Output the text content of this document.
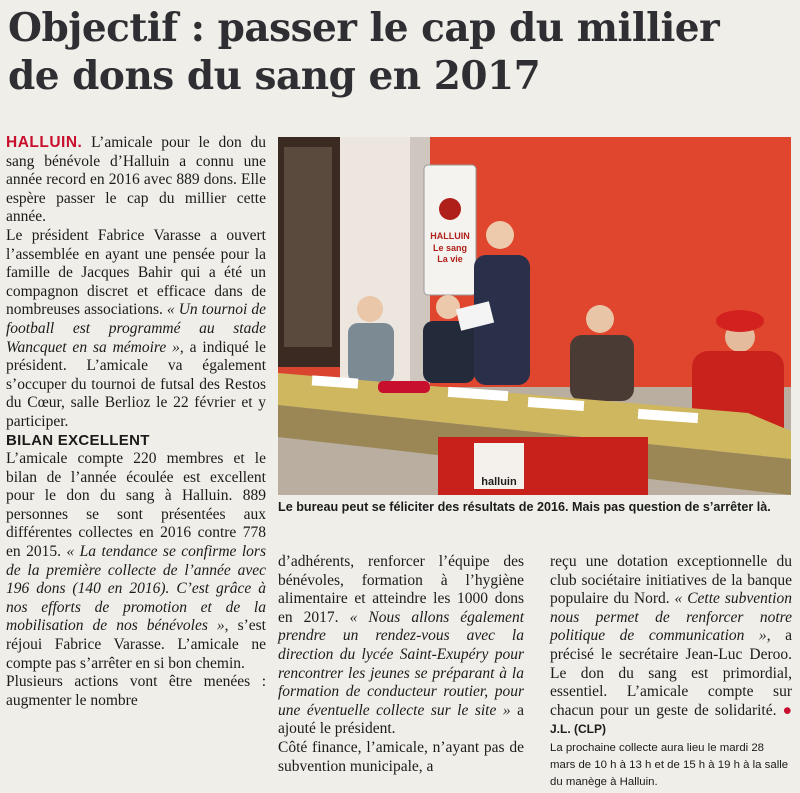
Objectif : passer le cap du millier
de dons du sang en 2017

HALLUIN. L’amicale pour le don du sang bénévole d’Halluin a connu une année record en 2016 avec 889 dons. Elle espère passer le cap du millier cette année.

Le président Fabrice Varasse a ouvert l’assemblée en ayant une pensée pour la famille de Jacques Bahir qui a été un compagnon discret et efficace dans de nombreuses associations. « Un tournoi de football est programmé au stade Wancquet en sa mémoire », a indiqué le président. L’amicale va également s’occuper du tournoi de futsal des Restos du Cœur, salle Berlioz le 22 février et y participer.

BILAN EXCELLENT

L’amicale compte 220 membres et le bilan de l’année écoulée est excellent pour le don du sang à Halluin. 889 personnes se sont présentées aux différentes collectes en 2016 contre 778 en 2015. « La tendance se confirme lors de la première collecte de l’année avec 196 dons (140 en 2016). C’est grâce à nos efforts de promotion et de la mobilisation de nos bénévoles », s’est réjoui Fabrice Varasse. L’amicale ne compte pas s’arrêter en si bon chemin.

Plusieurs actions vont être menées : augmenter le nombre

HALLUIN
Le sang
La vie
halluin
Le bureau peut se féliciter des résultats de 2016. Mais pas question de s’arrêter là.

d’adhérents, renforcer l’équipe des bénévoles, formation à l’hygiène alimentaire et atteindre les 1000 dons en 2017. « Nous allons également prendre un rendez-vous avec la direction du lycée Saint-Exupéry pour rencontrer les jeunes se préparant à la formation de conducteur routier, pour une éventuelle collecte sur le site » a ajouté le président.

Côté finance, l’amicale, n’ayant pas de subvention municipale, a

reçu une dotation exceptionnelle du club sociétaire initiatives de la banque populaire du Nord. « Cette subvention nous permet de renforcer notre politique de communication », a précisé le secrétaire Jean-Luc Deroo. Le don du sang est primordial, essentiel. L’amicale compte sur chacun pour un geste de solidarité. ● J.L. (CLP)

La prochaine collecte aura lieu le mardi 28 mars de 10 h à 13 h et de 15 h à 19 h à la salle du manège à Halluin.
